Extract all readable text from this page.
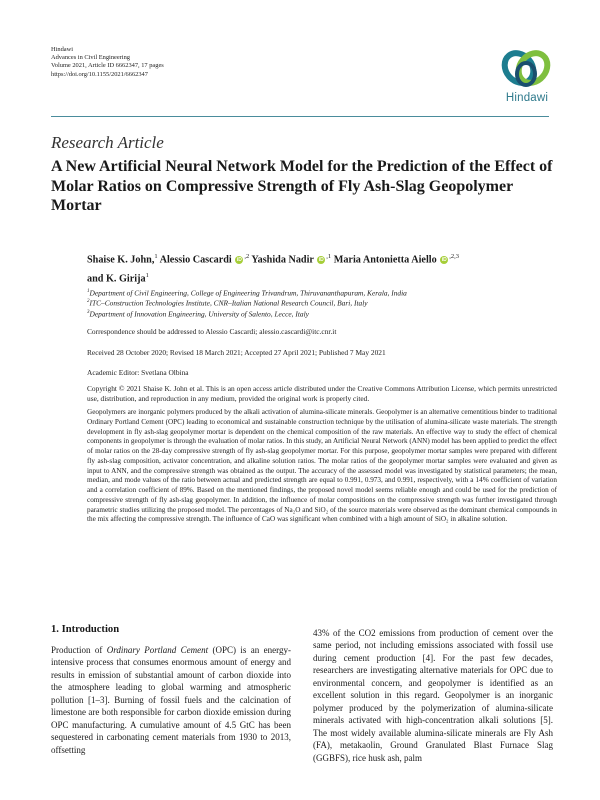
Hindawi
Advances in Civil Engineering
Volume 2021, Article ID 6662347, 17 pages
https://doi.org/10.1155/2021/6662347
Hindawi
Research Article
A New Artificial Neural Network Model for the Prediction of the Effect of Molar Ratios on Compressive Strength of Fly Ash-Slag Geopolymer Mortar
Shaise K. John,$^1$ Alessio Cascardi $iD^{,2}$ Yashida Nadir $iD^{,1}$ Maria Antonietta Aiello $iD^{,2,3}$
and K. Girija$^1$
$^1$Department of Civil Engineering, College of Engineering Trivandrum, Thiruvananthapuram, Kerala, India
$^2$ITC–Construction Technologies Institute, CNR–Italian National Research Council, Bari, Italy
$^3$Department of Innovation Engineering, University of Salento, Lecce, Italy
Correspondence should be addressed to Alessio Cascardi; alessio.cascardi@itc.cnr.it
Received 28 October 2020; Revised 18 March 2021; Accepted 27 April 2021; Published 7 May 2021
Academic Editor: Svetlana Olbina
Copyright © 2021 Shaise K. John et al. This is an open access article distributed under the Creative Commons Attribution License, which permits unrestricted use, distribution, and reproduction in any medium, provided the original work is properly cited.
Geopolymers are inorganic polymers produced by the alkali activation of alumina-silicate minerals. Geopolymer is an alternative cementitious binder to traditional Ordinary Portland Cement (OPC) leading to economical and sustainable construction technique by the utilisation of alumina-silicate waste materials. The strength development in fly ash-slag geopolymer mortar is dependent on the chemical composition of the raw materials. An effective way to study the effect of chemical components in geopolymer is through the evaluation of molar ratios. In this study, an Artificial Neural Network (ANN) model has been applied to predict the effect of molar ratios on the 28-day compressive strength of fly ash-slag geopolymer mortar. For this purpose, geopolymer mortar samples were prepared with different fly ash-slag composition, activator concentration, and alkaline solution ratios. The molar ratios of the geopolymer mortar samples were evaluated and given as input to ANN, and the compressive strength was obtained as the output. The accuracy of the assessed model was investigated by statistical parameters; the mean, median, and mode values of the ratio between actual and predicted strength are equal to 0.991, 0.973, and 0.991, respectively, with a 14% coefficient of variation and a correlation coefficient of 89%. Based on the mentioned findings, the proposed novel model seems reliable enough and could be used for the prediction of compressive strength of fly ash-slag geopolymer. In addition, the influence of molar compositions on the compressive strength was further investigated through parametric studies utilizing the proposed model. The percentages of Na₂O and SiO₂ of the source materials were observed as the dominant chemical compounds in the mix affecting the compressive strength. The influence of CaO was significant when combined with a high amount of SiO₂ in alkaline solution.
1. Introduction

Production of Ordinary Portland Cement (OPC) is an energy-intensive process that consumes enormous amount of energy and results in emission of substantial amount of carbon dioxide into the atmosphere leading to global warming and atmospheric pollution [1–3]. Burning of fossil fuels and the calcination of limestone are both responsible for carbon dioxide emission during OPC manufacturing. A cumulative amount of 4.5 GtC has been sequestered in carbonating cement materials from 1930 to 2013, offsetting

43% of the CO2 emissions from production of cement over the same period, not including emissions associated with fossil use during cement production [4]. For the past few decades, researchers are investigating alternative materials for OPC due to environmental concern, and geopolymer is identified as an excellent solution in this regard. Geopolymer is an inorganic polymer produced by the polymerization of alumina-silicate minerals activated with high-concentration alkali solutions [5]. The most widely available alumina-silicate minerals are Fly Ash (FA), metakaolin, Ground Granulated Blast Furnace Slag (GGBFS), rice husk ash, palm
